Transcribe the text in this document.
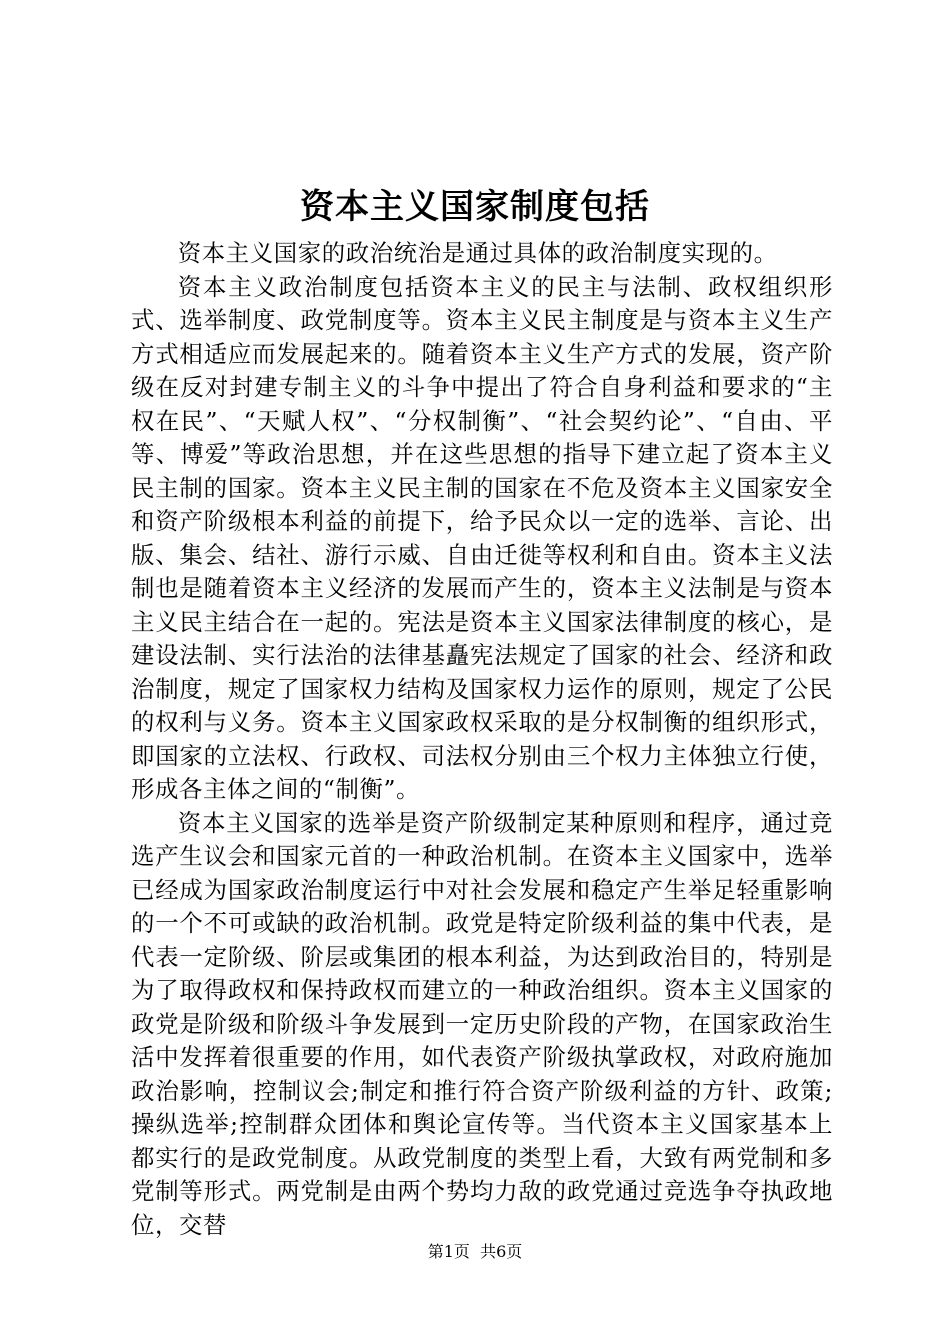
资本主义国家制度包括

资本主义国家的政治统治是通过具体的政治制度实现的。

资本主义政治制度包括资本主义的民主与法制、政权组织形式、选举制度、政党制度等。资本主义民主制度是与资本主义生产方式相适应而发展起来的。随着资本主义生产方式的发展，资产阶级在反对封建专制主义的斗争中提出了符合自身利益和要求的“主权在民”、“天赋人权”、“分权制衡”、“社会契约论”、“自由、平等、博爱”等政治思想，并在这些思想的指导下建立起了资本主义民主制的国家。资本主义民主制的国家在不危及资本主义国家安全和资产阶级根本利益的前提下，给予民众以一定的选举、言论、出版、集会、结社、游行示威、自由迁徙等权利和自由。资本主义法制也是随着资本主义经济的发展而产生的，资本主义法制是与资本主义民主结合在一起的。宪法是资本主义国家法律制度的核心，是建设法制、实行法治的法律基矗宪法规定了国家的社会、经济和政治制度，规定了国家权力结构及国家权力运作的原则，规定了公民的权利与义务。资本主义国家政权采取的是分权制衡的组织形式，即国家的立法权、行政权、司法权分别由三个权力主体独立行使，形成各主体之间的“制衡”。

资本主义国家的选举是资产阶级制定某种原则和程序，通过竞选产生议会和国家元首的一种政治机制。在资本主义国家中，选举已经成为国家政治制度运行中对社会发展和稳定产生举足轻重影响的一个不可或缺的政治机制。政党是特定阶级利益的集中代表，是代表一定阶级、阶层或集团的根本利益，为达到政治目的，特别是为了取得政权和保持政权而建立的一种政治组织。资本主义国家的政党是阶级和阶级斗争发展到一定历史阶段的产物，在国家政治生活中发挥着很重要的作用，如代表资产阶级执掌政权，对政府施加政治影响，控制议会;制定和推行符合资产阶级利益的方针、政策;操纵选举;控制群众团体和舆论宣传等。当代资本主义国家基本上都实行的是政党制度。从政党制度的类型上看，大致有两党制和多党制等形式。两党制是由两个势均力敌的政党通过竞选争夺执政地位，交替

第1页  共6页
